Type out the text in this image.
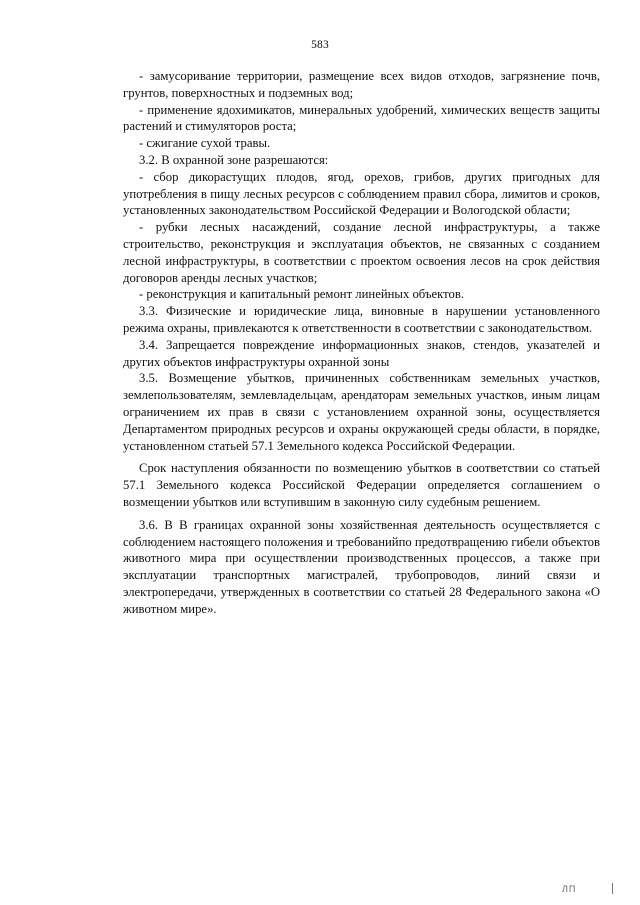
583

- замусоривание территории, размещение всех видов отходов, загрязнение почв, грунтов, поверхностных и подземных вод;

- применение ядохимикатов, минеральных удобрений, химических веществ защиты растений и стимуляторов роста;

- сжигание сухой травы.

3.2. В охранной зоне разрешаются:

- сбор дикорастущих плодов, ягод, орехов, грибов, других пригодных для употребления в пищу лесных ресурсов с соблюдением правил сбора, лимитов и сроков, установленных законодательством Российской Федерации и Вологодской области;

- рубки лесных насаждений, создание лесной инфраструктуры, а также строительство, реконструкция и эксплуатация объектов, не связанных с созданием лесной инфраструктуры, в соответствии с проектом освоения лесов на срок действия договоров аренды лесных участков;

- реконструкция и капитальный ремонт линейных объектов.

3.3. Физические и юридические лица, виновные в нарушении установленного режима охраны, привлекаются к ответственности в соответствии с законодательством.

3.4. Запрещается повреждение информационных знаков, стендов, указателей и других объектов инфраструктуры охранной зоны

3.5. Возмещение убытков, причиненных собственникам земельных участков, землепользователям, землевладельцам, арендаторам земельных участков, иным лицам ограничением их прав в связи с установлением охранной зоны, осуществляется Департаментом природных ресурсов и охраны окружающей среды области, в порядке, установленном статьей 57.1 Земельного кодекса Российской Федерации.

Срок наступления обязанности по возмещению убытков в соответствии со статьей 57.1 Земельного кодекса Российской Федерации определяется соглашением о возмещении убытков или вступившим в законную силу судебным решением.

3.6. В В границах охранной зоны хозяйственная деятельность осуществляется с соблюдением настоящего положения и требованийпо предотвращению гибели объектов животного мира при осуществлении производственных процессов, а также при эксплуатации транспортных магистралей, трубопроводов, линий связи и электропередачи, утвержденных в соответствии со статьей 28 Федерального закона «О животном мире».

ЛП
